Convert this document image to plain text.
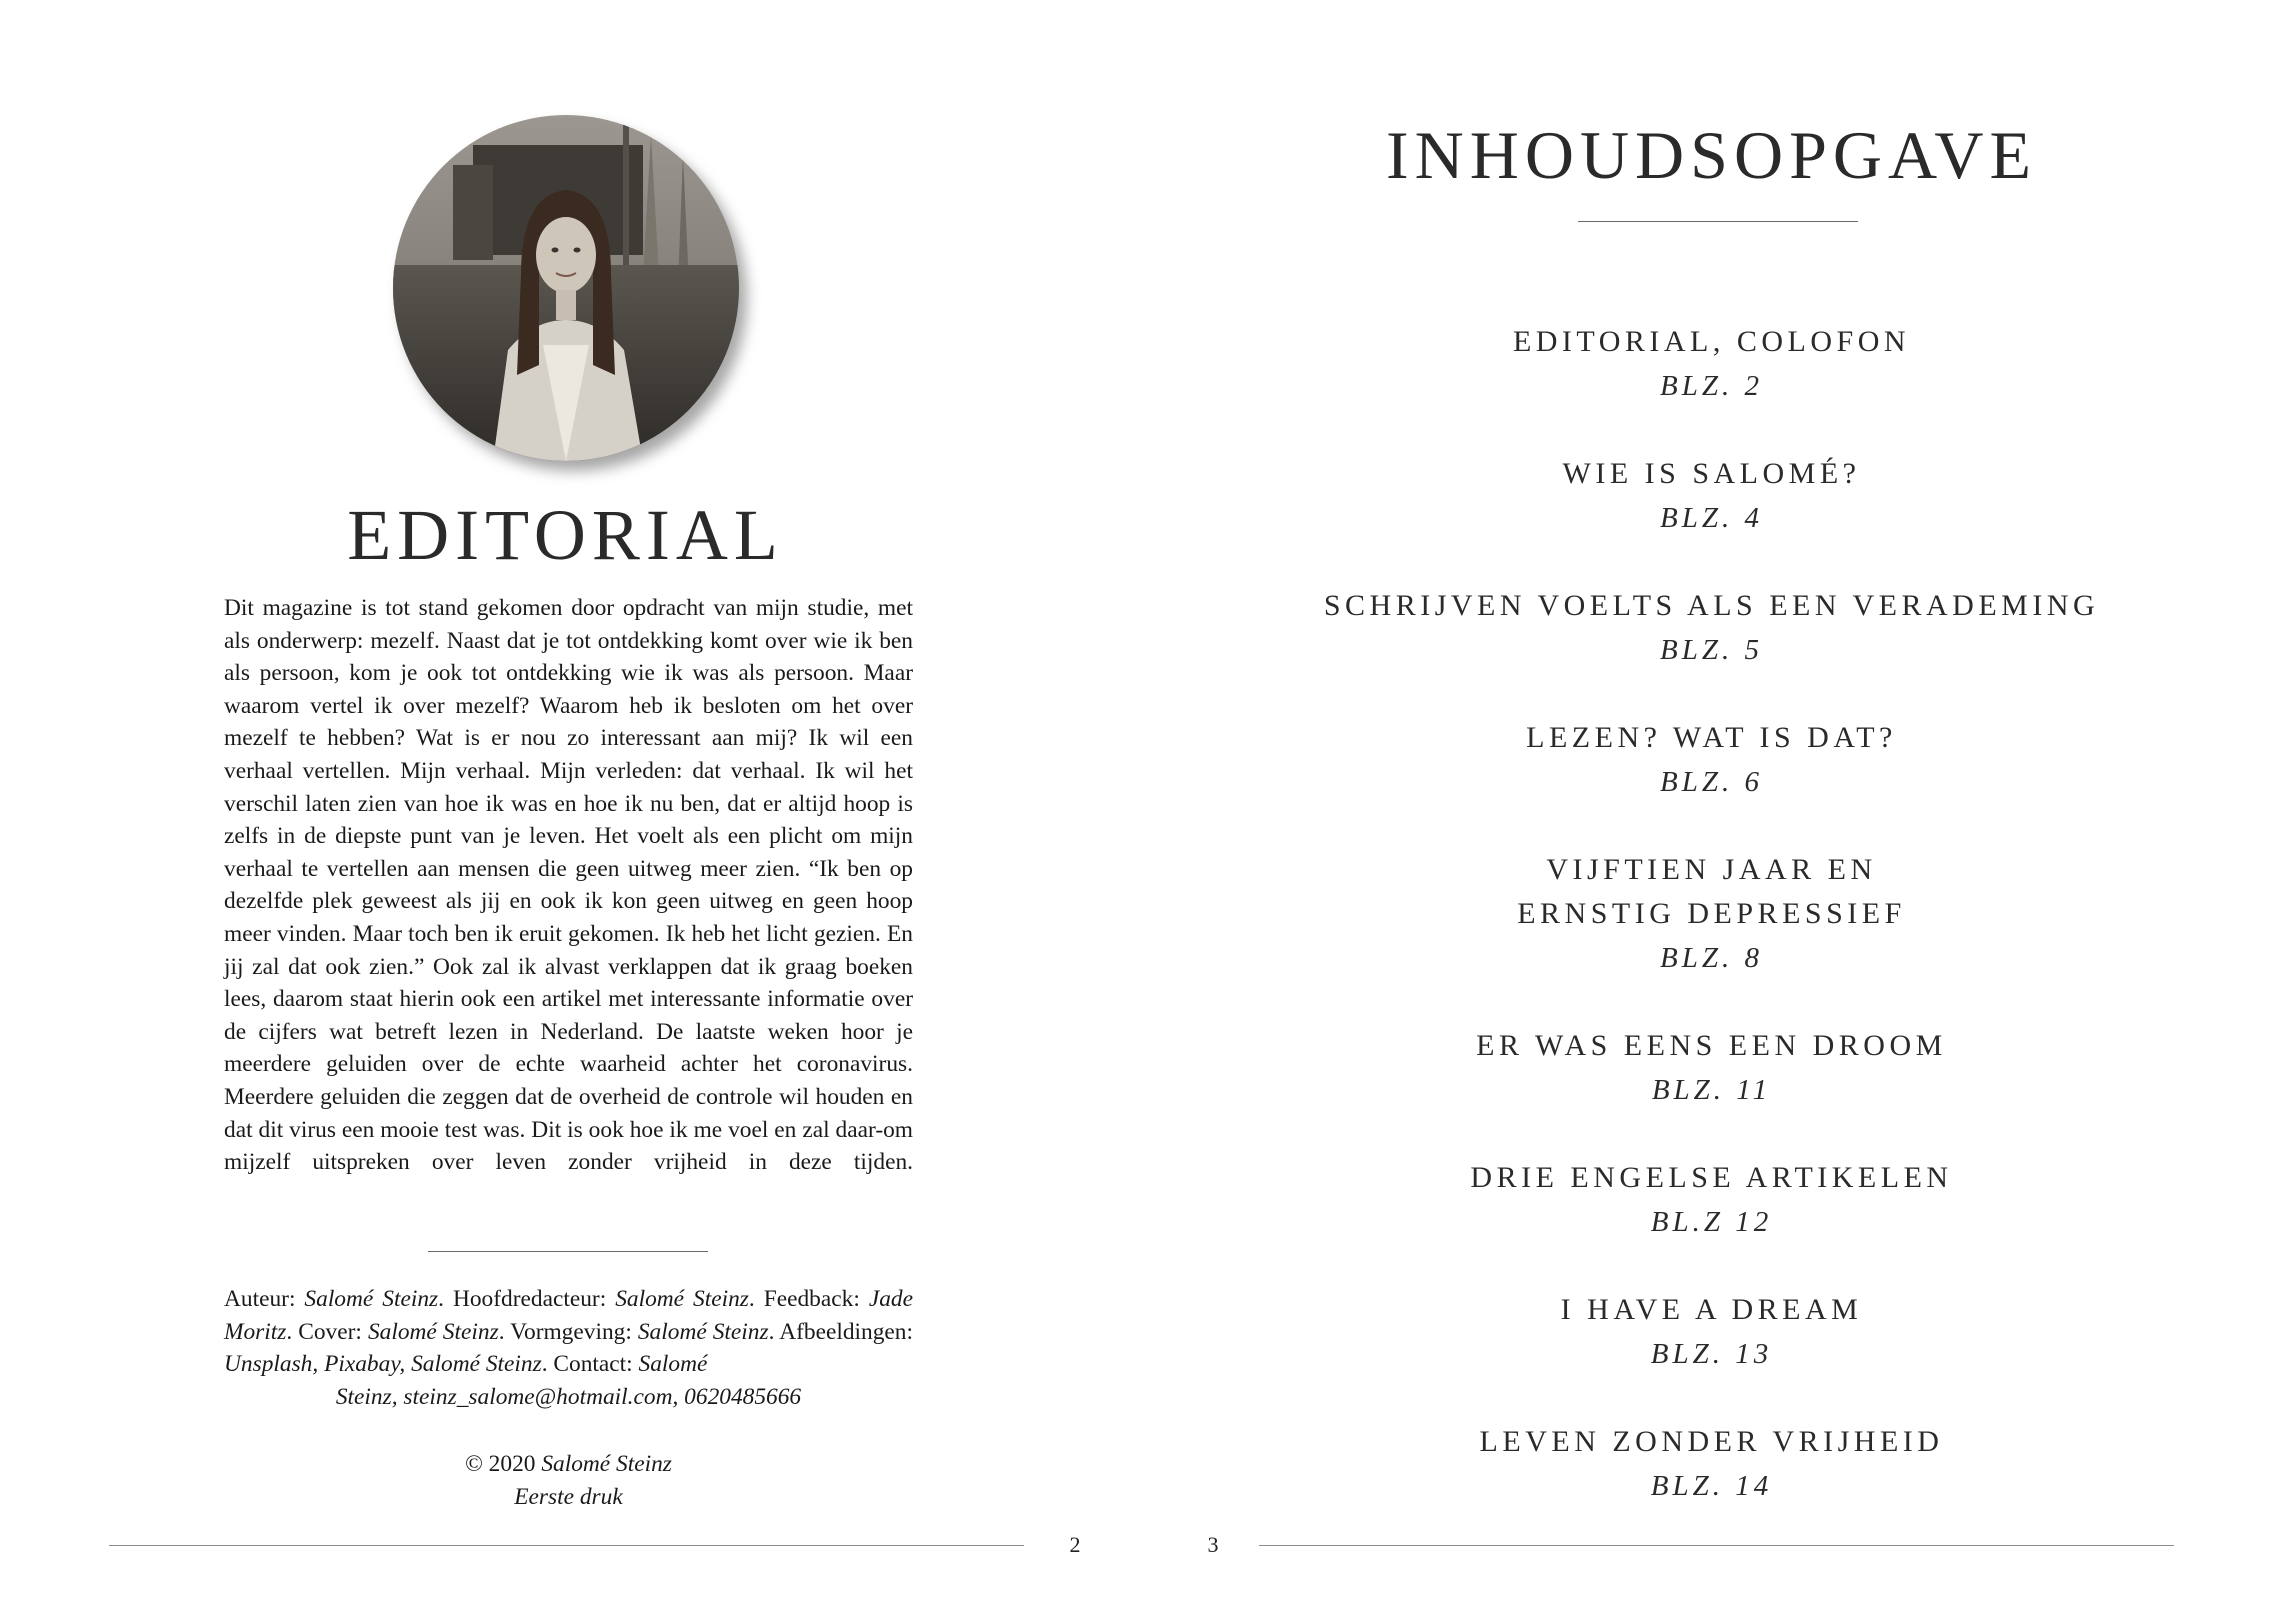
EDITORIAL

Dit magazine is tot stand gekomen door opdracht van mijn studie, met als onderwerp: mezelf. Naast dat je tot ontdekking komt over wie ik ben als persoon, kom je ook tot ontdekking wie ik was als persoon. Maar waarom vertel ik over mezelf? Waarom heb ik besloten om het over mezelf te hebben? Wat is er nou zo interessant aan mij? Ik wil een verhaal vertellen. Mijn verhaal. Mijn verleden: dat verhaal. Ik wil het verschil laten zien van hoe ik was en hoe ik nu ben, dat er altijd hoop is zelfs in de diepste punt van je leven. Het voelt als een plicht om mijn verhaal te vertellen aan mensen die geen uitweg meer zien. “Ik ben op dezelfde plek geweest als jij en ook ik kon geen uitweg en geen hoop meer vinden. Maar toch ben ik eruit gekomen. Ik heb het licht gezien. En jij zal dat ook zien.” Ook zal ik alvast verklappen dat ik graag boeken lees, daarom staat hierin ook een artikel met interessante informatie over de cijfers wat betreft lezen in Nederland. De laatste weken hoor je meerdere geluiden over de echte waarheid achter het coronavirus. Meerdere geluiden die zeggen dat de overheid de controle wil houden en dat dit virus een mooie test was. Dit is ook hoe ik me voel en zal daar-om mijzelf uitspreken over leven zonder vrijheid in deze tijden.

Auteur: Salomé Steinz. Hoofdredacteur: Salomé Steinz. Feedback: Jade Moritz. Cover: Salomé Steinz. Vormgeving: Salomé Steinz. Afbeeldingen: Unsplash, Pixabay, Salomé Steinz. Contact: Salomé
Steinz, steinz_salome@hotmail.com, 0620485666

© 2020 Salomé Steinz
Eerste druk
2
INHOUDSOPGAVE
EDITORIAL, COLOFON
BLZ. 2
WIE IS SALOMÉ?
BLZ. 4
SCHRIJVEN VOELTS ALS EEN VERADEMING
BLZ. 5
LEZEN? WAT IS DAT?
BLZ. 6
VIJFTIEN JAAR EN
ERNSTIG DEPRESSIEF
BLZ. 8
ER WAS EENS EEN DROOM
BLZ. 11
DRIE ENGELSE ARTIKELEN
BL.Z 12
I HAVE A DREAM
BLZ. 13
LEVEN ZONDER VRIJHEID
BLZ. 14
3
